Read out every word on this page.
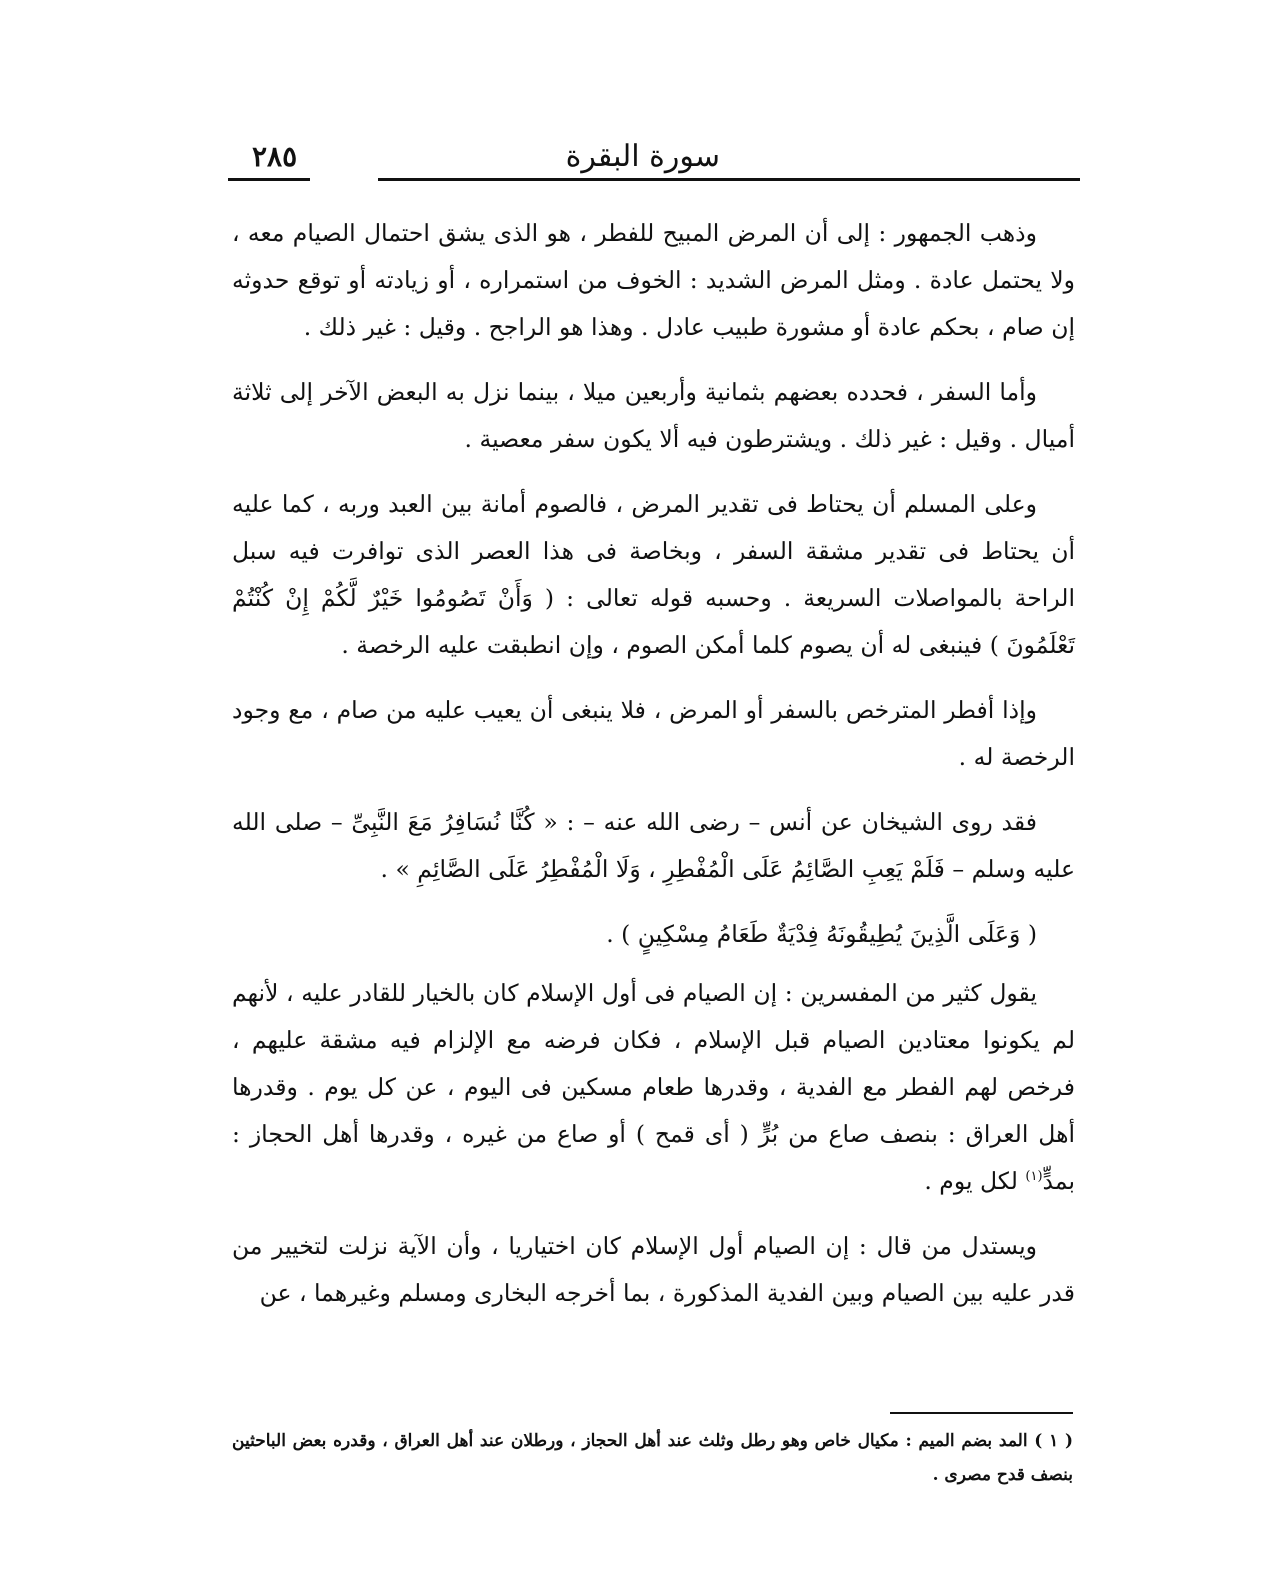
سورة البقرة
٢٨٥

وذهب الجمهور : إلى أن المرض المبيح للفطر ، هو الذى يشق احتمال الصيام معه ، ولا يحتمل عادة . ومثل المرض الشديد : الخوف من استمراره ، أو زيادته أو توقع حدوثه إن صام ، بحكم عادة أو مشورة طبيب عادل . وهذا هو الراجح . وقيل : غير ذلك .

وأما السفر ، فحدده بعضهم بثمانية وأربعين ميلا ، بينما نزل به البعض الآخر إلى ثلاثة أميال . وقيل : غير ذلك . ويشترطون فيه ألا يكون سفر معصية .

وعلى المسلم أن يحتاط فى تقدير المرض ، فالصوم أمانة بين العبد وربه ، كما عليه أن يحتاط فى تقدير مشقة السفر ، وبخاصة فى هذا العصر الذى توافرت فيه سبل الراحة بالمواصلات السريعة . وحسبه قوله تعالى : ( وَأَنْ تَصُومُوا خَيْرٌ لَّكُمْ إِنْ كُنْتُمْ تَعْلَمُونَ ) فينبغى له أن يصوم كلما أمكن الصوم ، وإن انطبقت عليه الرخصة .

وإذا أفطر المترخص بالسفر أو المرض ، فلا ينبغى أن يعيب عليه من صام ، مع وجود الرخصة له .

فقد روى الشيخان عن أنس – رضى الله عنه – : « كُنَّا نُسَافِرُ مَعَ النَّبِىِّ – صلى الله عليه وسلم – فَلَمْ يَعِبِ الصَّائِمُ عَلَى الْمُفْطِرِ ، وَلَا الْمُفْطِرُ عَلَى الصَّائِمِ » .

( وَعَلَى الَّذِينَ يُطِيقُونَهُ فِدْيَةٌ طَعَامُ مِسْكِينٍ ) .

يقول كثير من المفسرين : إن الصيام فى أول الإسلام كان بالخيار للقادر عليه ، لأنهم لم يكونوا معتادين الصيام قبل الإسلام ، فكان فرضه مع الإلزام فيه مشقة عليهم ، فرخص لهم الفطر مع الفدية ، وقدرها طعام مسكين فى اليوم ، عن كل يوم . وقدرها أهل العراق : بنصف صاع من بُرٍّ ( أى قمح ) أو صاع من غيره ، وقدرها أهل الحجاز : بمدٍّ$^{(١)}$ لكل يوم .

ويستدل من قال : إن الصيام أول الإسلام كان اختياريا ، وأن الآية نزلت لتخيير من قدر عليه بين الصيام وبين الفدية المذكورة ، بما أخرجه البخارى ومسلم وغيرهما ، عن

( ١ ) المد بضم الميم : مكيال خاص وهو رطل وثلث عند أهل الحجاز ، ورطلان عند أهل العراق ، وقدره بعض الباحثين بنصف قدح مصرى .
